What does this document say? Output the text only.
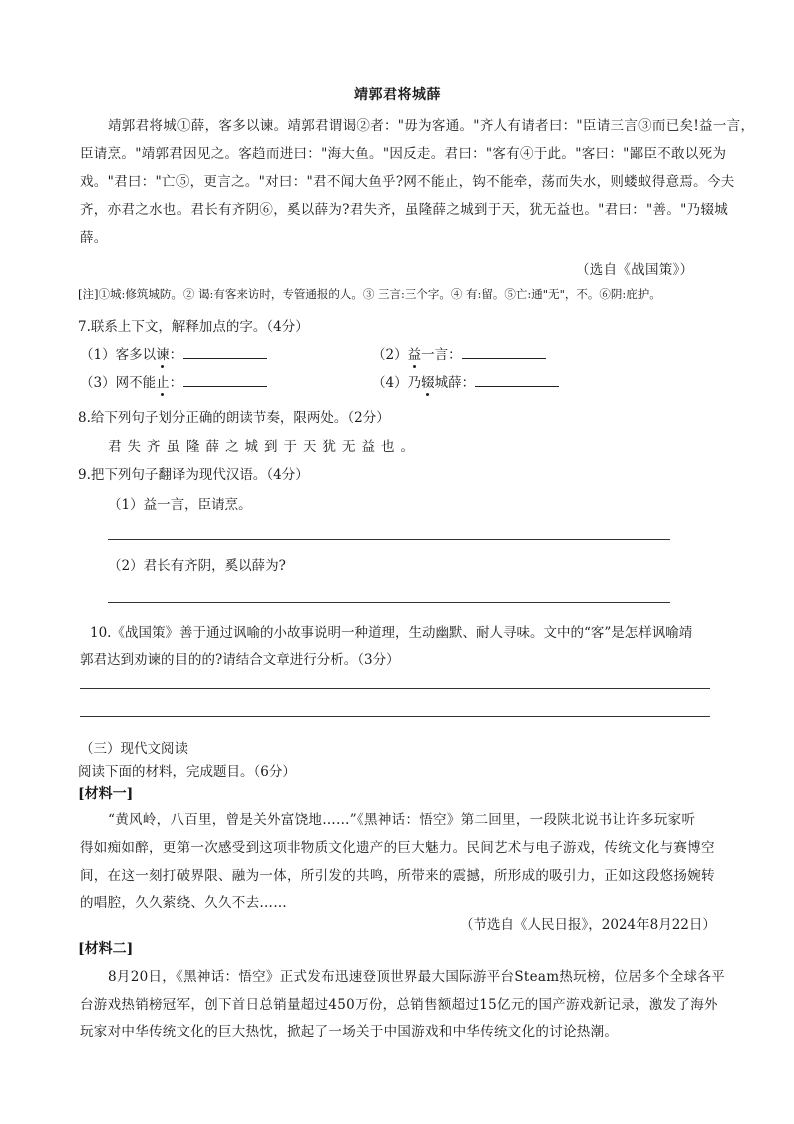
靖郭君将城薛
靖郭君将城①薛，客多以谏。靖郭君谓谒②者："毋为客通。"齐人有请者曰："臣请三言③而已矣!益一言，
臣请烹。"靖郭君因见之。客趋而进曰："海大鱼。"因反走。君曰："客有④于此。"客曰："鄙臣不敢以死为
戏。"君曰："亡⑤，更言之。"对曰："君不闻大鱼乎?网不能止，钩不能牵，荡而失水，则蝼蚁得意焉。今夫
齐，亦君之水也。君长有齐阴⑥，奚以薛为?君失齐，虽隆薛之城到于天，犹无益也。"君曰："善。"乃辍城
薛。
（选自《战国策》）
[注]①城:修筑城防。② 谒:有客来访时，专管通报的人。③ 三言:三个字。④ 有:留。⑤亡:通"无"，不。⑥阴:庇护。
7.联系上下文，解释加点的字。（4分）
（1）客多以谏：	（2）益一言：
（3）网不能止：	（4）乃辍城薛：
8.给下列句子划分正确的朗读节奏，限两处。（2分）
君失齐虽隆薛之城到于天犹无益也。
9.把下列句子翻译为现代汉语。（4分）
（1）益一言，臣请烹。
（2）君长有齐阴，奚以薛为?
10.《战国策》善于通过讽喻的小故事说明一种道理，生动幽默、耐人寻味。文中的“客”是怎样讽喻靖
郭君达到劝谏的目的的?请结合文章进行分析。（3分）
（三）现代文阅读
阅读下面的材料，完成题目。（6分）
[材料一]
“黄风岭，八百里，曾是关外富饶地……”《黑神话：悟空》第二回里，一段陕北说书让许多玩家听
得如痴如醉，更第一次感受到这项非物质文化遗产的巨大魅力。民间艺术与电子游戏，传统文化与赛博空
间，在这一刻打破界限、融为一体，所引发的共鸣，所带来的震撼，所形成的吸引力，正如这段悠扬婉转
的唱腔，久久萦绕、久久不去……
（节选自《人民日报》，2024年8月22日）
[材料二]
8月20日，《黑神话：悟空》正式发布迅速登顶世界最大国际游平台Steam热玩榜，位居多个全球各平
台游戏热销榜冠军，创下首日总销量超过450万份，总销售额超过15亿元的国产游戏新记录，激发了海外
玩家对中华传统文化的巨大热忱，掀起了一场关于中国游戏和中华传统文化的讨论热潮。
